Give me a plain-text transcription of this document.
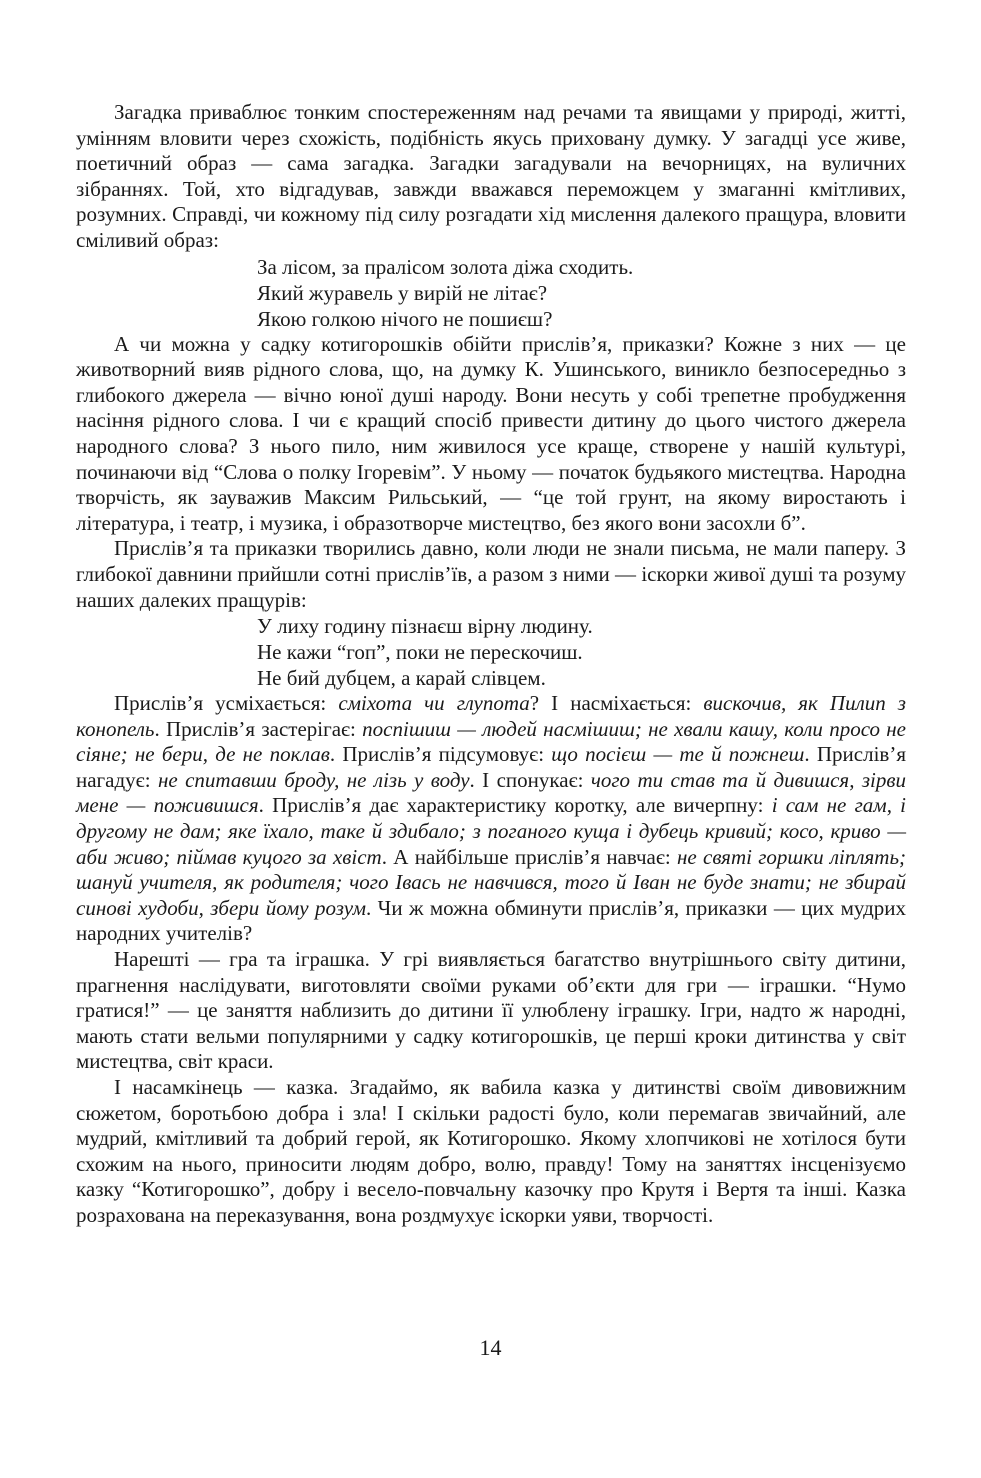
Загадка приваблює тонким спостереженням над речами та явищами у природі, житті, умінням вловити через схожість, подібність якусь приховану думку. У загадці усе живе, поетичний образ — сама загадка. Загадки загадували на вечорницях, на вуличних зібраннях. Той, хто відгадував, завжди вважався переможцем у змаганні кмітливих, розумних. Справді, чи кожному під силу розгадати хід мислення далекого пращура, вловити сміливий образ:

За лісом, за пралісом золота діжа сходить.
Який журавель у вирій не літає?
Якою голкою нічого не пошиєш?

А чи можна у садку котигорошків обійти прислів’я, приказки? Кожне з них — це животворний вияв рідного слова, що, на думку К. Ушинського, виникло безпосередньо з глибокого джерела — вічно юної душі народу. Вони несуть у собі трепетне пробудження насіння рідного слова. І чи є кращий спосіб привести дитину до цього чистого джерела народного слова? З нього пило, ним живилося усе краще, створене у нашій культурі, починаючи від “Слова о полку Ігоревім”. У ньому — початок будьякого мистецтва. Народна творчість, як зауважив Максим Рильський, — “це той грунт, на якому виростають і література, і театр, і музика, і образотворче мистецтво, без якого вони засохли б”.

Прислів’я та приказки творились давно, коли люди не знали письма, не мали паперу. З глибокої давнини прийшли сотні прислів’їв, а разом з ними — іскорки живої душі та розуму наших далеких пращурів:

У лиху годину пізнаєш вірну людину.
Не кажи “гоп”, поки не перескочиш.
Не бий дубцем, а карай слівцем.

Прислів’я усміхається: сміхота чи глупота? І насміхається: вискочив, як Пилип з конопель. Прислів’я застерігає: поспішиш — людей насмішиш; не хвали кашу, коли просо не сіяне; не бери, де не поклав. Прислів’я підсумовує: що посієш — те й пожнеш. Прислів’я нагадує: не спитавши броду, не лізь у воду. І спонукає: чого ти став та й дивишся, зірви мене — поживишся. Прислів’я дає характеристику коротку, але вичерпну: і сам не гам, і другому не дам; яке їхало, таке й здибало; з поганого куща і дубець кривий; косо, криво — аби живо; піймав куцого за хвіст. А найбільше прислів’я навчає: не святі горшки ліплять; шануй учителя, як родителя; чого Івась не навчився, того й Іван не буде знати; не збирай синові худоби, збери йому розум. Чи ж можна обминути прислів’я, приказки — цих мудрих народних учителів?

Нарешті — гра та іграшка. У грі виявляється багатство внутрішнього світу дитини, прагнення наслідувати, виготовляти своїми руками об’єкти для гри — іграшки. “Нумо гратися!” — це заняття наблизить до дитини її улюблену іграшку. Ігри, надто ж народні, мають стати вельми популярними у садку котигорошків, це перші кроки дитинства у світ мистецтва, світ краси.

І насамкінець — казка. Згадаймо, як вабила казка у дитинстві своїм дивовижним сюжетом, боротьбою добра і зла! І скільки радості було, коли перемагав звичайний, але мудрий, кмітливий та добрий герой, як Котигорошко. Якому хлопчикові не хотілося бути схожим на нього, приносити людям добро, волю, правду! Тому на заняттях інсценізуємо казку “Котигорошко”, добру і весело-повчальну казочку про Крутя і Вертя та інші. Казка розрахована на переказування, вона роздмухує іскорки уяви, творчості.

14
